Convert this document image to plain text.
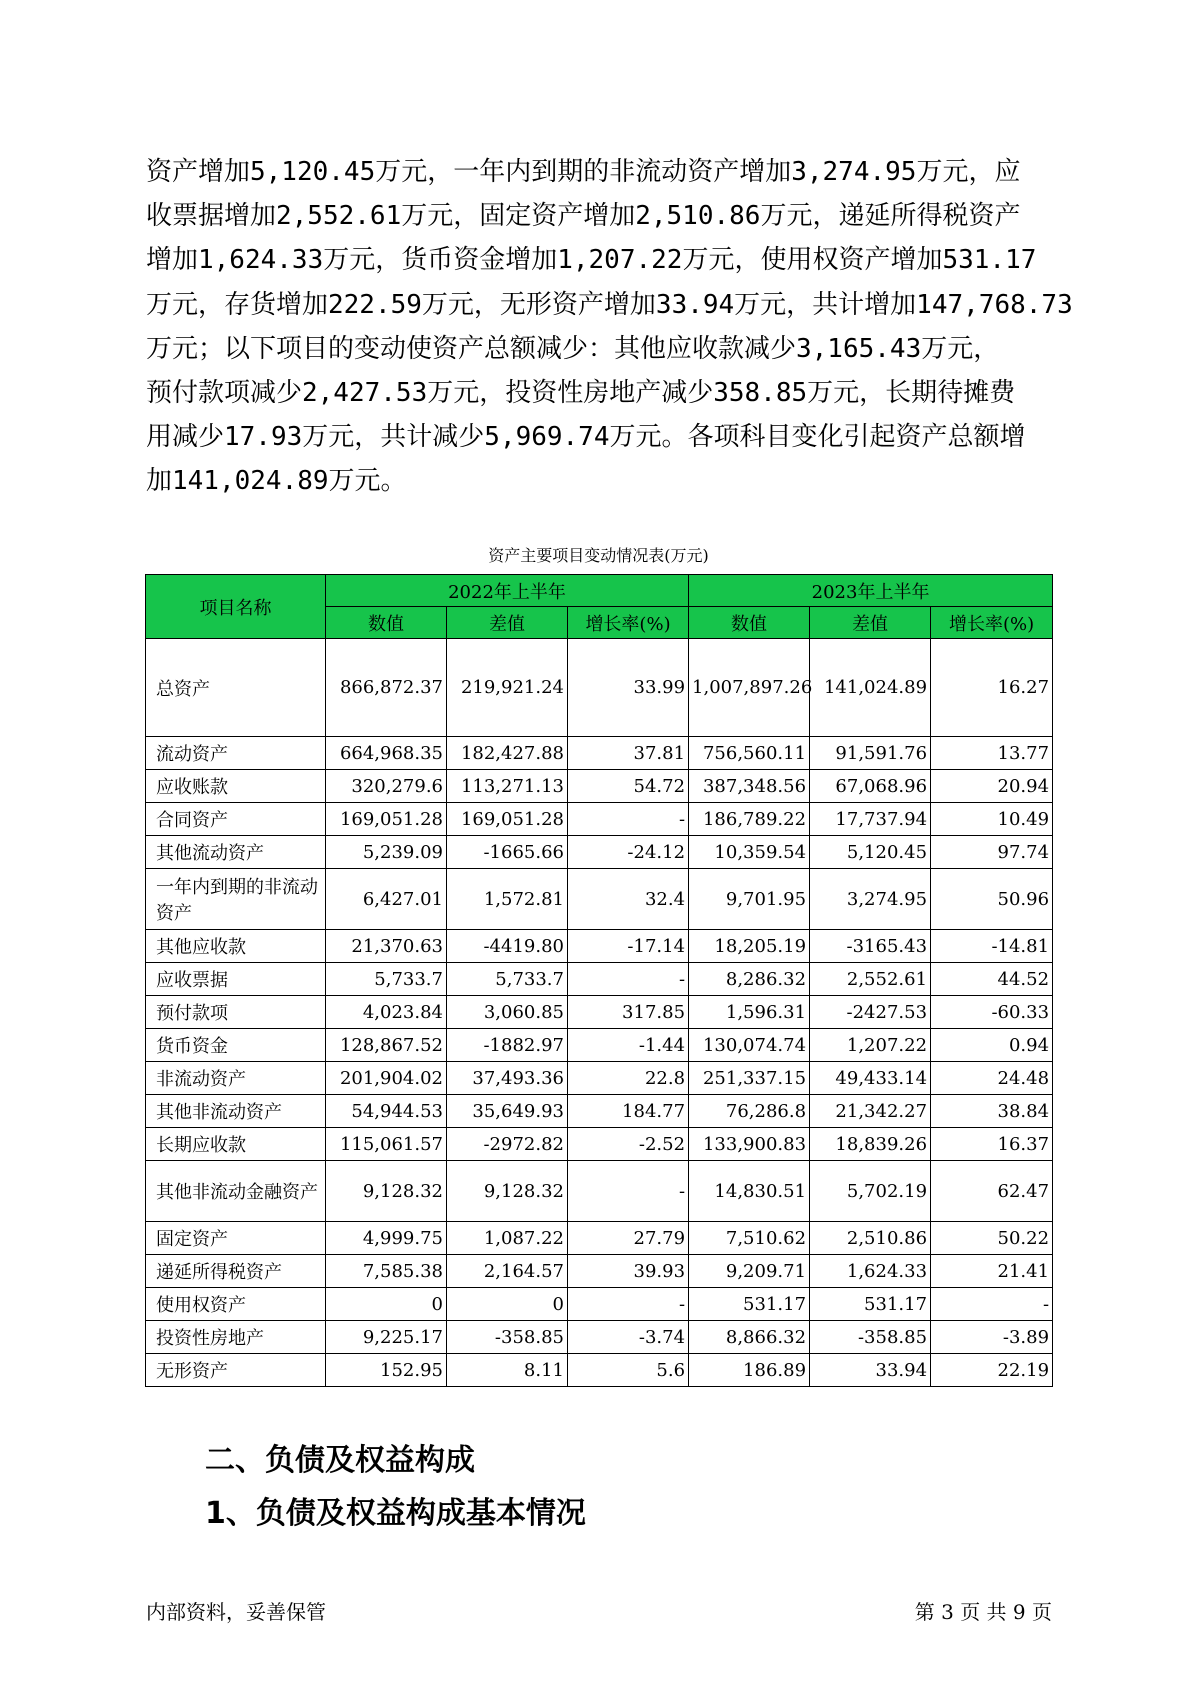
资产增加5,120.45万元，一年内到期的非流动资产增加3,274.95万元，应
收票据增加2,552.61万元，固定资产增加2,510.86万元，递延所得税资产
增加1,624.33万元，货币资金增加1,207.22万元，使用权资产增加531.17
万元，存货增加222.59万元，无形资产增加33.94万元，共计增加147,768.73
万元；以下项目的变动使资产总额减少：其他应收款减少3,165.43万元，
预付款项减少2,427.53万元，投资性房地产减少358.85万元，长期待摊费
用减少17.93万元，共计减少5,969.74万元。各项科目变化引起资产总额增
加141,024.89万元。
资产主要项目变动情况表(万元)
项目名称	2022年上半年			2023年上半年		
	数值	差值	增长率(%)	数值	差值	增长率(%)
总资产	866,872.37	219,921.24	33.99	1,007,897.26	141,024.89	16.27
流动资产	664,968.35	182,427.88	37.81	756,560.11	91,591.76	13.77
应收账款	320,279.6	113,271.13	54.72	387,348.56	67,068.96	20.94
合同资产	169,051.28	169,051.28	-	186,789.22	17,737.94	10.49
其他流动资产	5,239.09	-1665.66	-24.12	10,359.54	5,120.45	97.74
一年内到期的非流动资产	6,427.01	1,572.81	32.4	9,701.95	3,274.95	50.96
其他应收款	21,370.63	-4419.80	-17.14	18,205.19	-3165.43	-14.81
应收票据	5,733.7	5,733.7	-	8,286.32	2,552.61	44.52
预付款项	4,023.84	3,060.85	317.85	1,596.31	-2427.53	-60.33
货币资金	128,867.52	-1882.97	-1.44	130,074.74	1,207.22	0.94
非流动资产	201,904.02	37,493.36	22.8	251,337.15	49,433.14	24.48
其他非流动资产	54,944.53	35,649.93	184.77	76,286.8	21,342.27	38.84
长期应收款	115,061.57	-2972.82	-2.52	133,900.83	18,839.26	16.37
其他非流动金融资产	9,128.32	9,128.32	-	14,830.51	5,702.19	62.47
固定资产	4,999.75	1,087.22	27.79	7,510.62	2,510.86	50.22
递延所得税资产	7,585.38	2,164.57	39.93	9,209.71	1,624.33	21.41
使用权资产	0	0	-	531.17	531.17	-
投资性房地产	9,225.17	-358.85	-3.74	8,866.32	-358.85	-3.89
无形资产	152.95	8.11	5.6	186.89	33.94	22.19
二、负债及权益构成
1、负债及权益构成基本情况
内部资料，妥善保管	第 3 页 共 9 页
